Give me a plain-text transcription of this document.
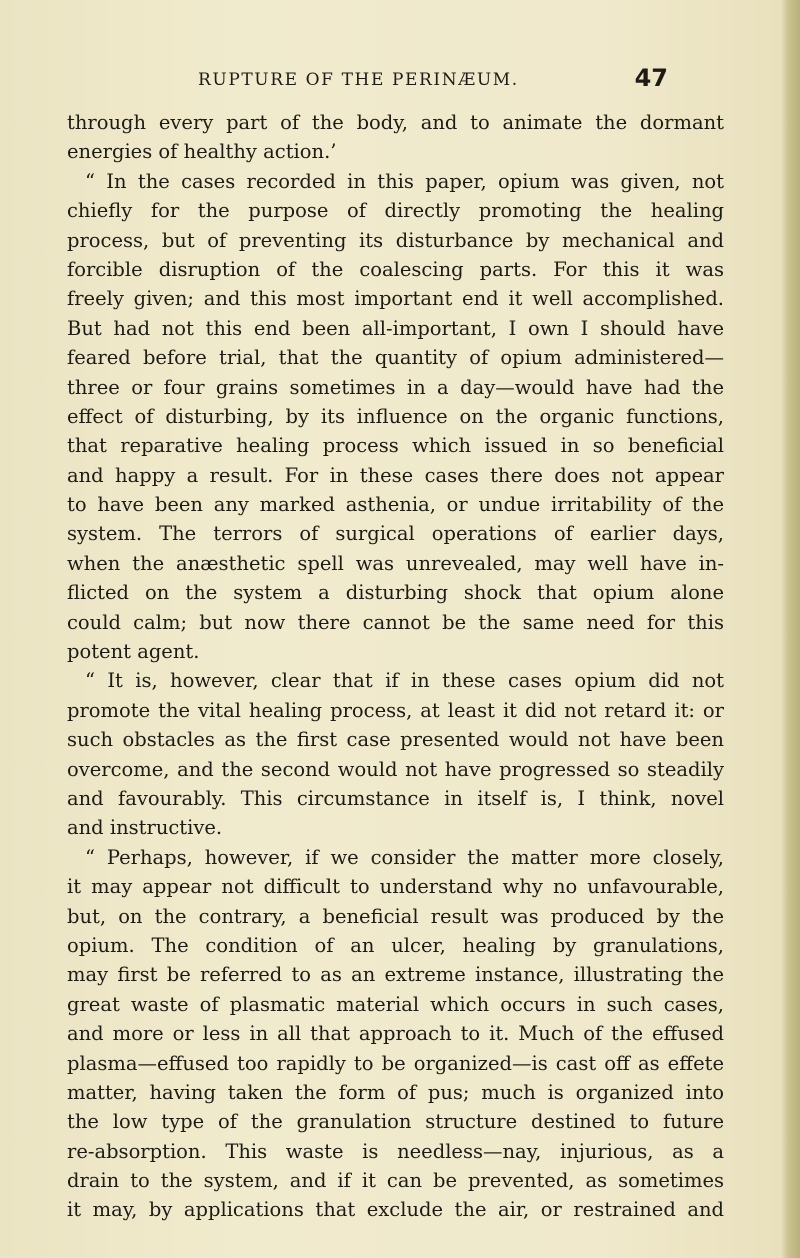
RUPTURE OF THE PERINÆUM.	47
through every part of the body, and to animate the dormant
energies of healthy action.’
“ In the cases recorded in this paper, opium was given, not
chiefly for the purpose of directly promoting the healing
process, but of preventing its disturbance by mechanical and
forcible disruption of the coalescing parts. For this it was
freely given; and this most important end it well accomplished.
But had not this end been all-important, I own I should have
feared before trial, that the quantity of opium administered—
three or four grains sometimes in a day—would have had the
effect of disturbing, by its influence on the organic functions,
that reparative healing process which issued in so beneficial
and happy a result. For in these cases there does not appear
to have been any marked asthenia, or undue irritability of the
system. The terrors of surgical operations of earlier days,
when the anæsthetic spell was unrevealed, may well have in-
flicted on the system a disturbing shock that opium alone
could calm; but now there cannot be the same need for this
potent agent.
“ It is, however, clear that if in these cases opium did not
promote the vital healing process, at least it did not retard it: or
such obstacles as the first case presented would not have been
overcome, and the second would not have progressed so steadily
and favourably. This circumstance in itself is, I think, novel
and instructive.
“ Perhaps, however, if we consider the matter more closely,
it may appear not difficult to understand why no unfavourable,
but, on the contrary, a beneficial result was produced by the
opium. The condition of an ulcer, healing by granulations,
may first be referred to as an extreme instance, illustrating the
great waste of plasmatic material which occurs in such cases,
and more or less in all that approach to it. Much of the effused
plasma—effused too rapidly to be organized—is cast off as effete
matter, having taken the form of pus; much is organized into
the low type of the granulation structure destined to future
re-absorption. This waste is needless—nay, injurious, as a
drain to the system, and if it can be prevented, as sometimes
it may, by applications that exclude the air, or restrained and
